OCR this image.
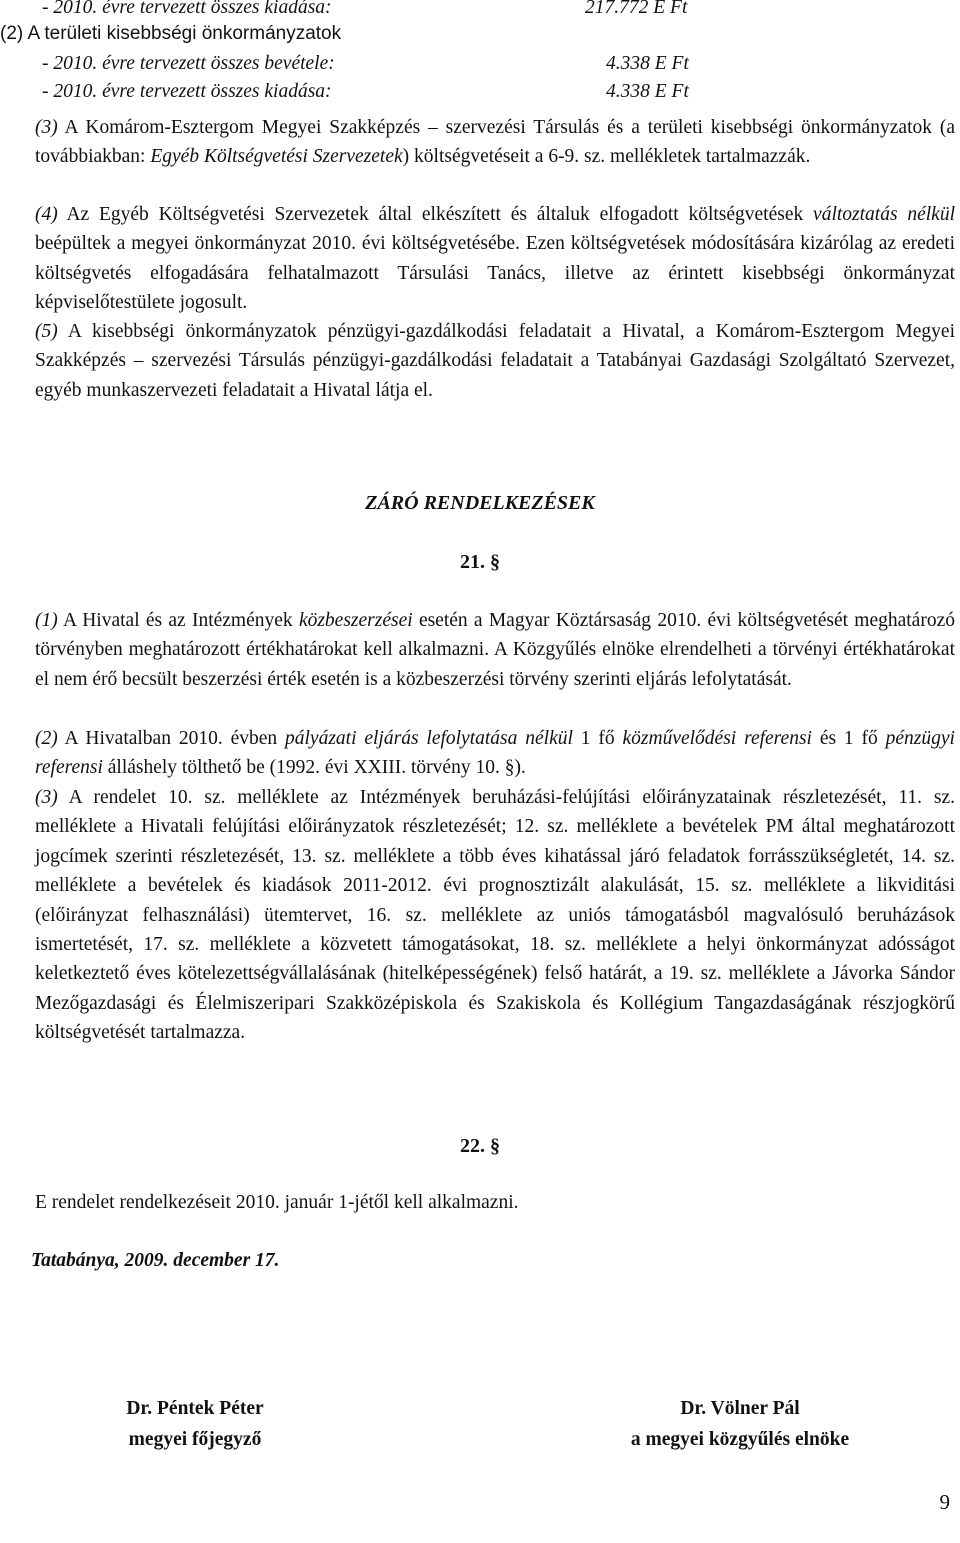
- 2010. évre tervezett összes kiadása:	217.772 E Ft
(2) A területi kisebbségi önkormányzatok
- 2010. évre tervezett összes bevétele:	4.338 E Ft
- 2010. évre tervezett összes kiadása:	4.338 E Ft

(3) A Komárom-Esztergom Megyei Szakképzés – szervezési Társulás és a területi kisebbségi önkormányzatok (a továbbiakban: Egyéb Költségvetési Szervezetek) költségvetéseit a 6-9. sz. mellékletek tartalmazzák.

(4) Az Egyéb Költségvetési Szervezetek által elkészített és általuk elfogadott költségvetések változtatás nélkül beépültek a megyei önkormányzat 2010. évi költségvetésébe. Ezen költségvetések módosítására kizárólag az eredeti költségvetés elfogadására felhatalmazott Társulási Tanács, illetve az érintett kisebbségi önkormányzat képviselőtestülete jogosult.

(5) A kisebbségi önkormányzatok pénzügyi-gazdálkodási feladatait a Hivatal, a Komárom-Esztergom Megyei Szakképzés – szervezési Társulás pénzügyi-gazdálkodási feladatait a Tatabányai Gazdasági Szolgáltató Szervezet, egyéb munkaszervezeti feladatait a Hivatal látja el.

ZÁRÓ RENDELKEZÉSEK
21. §

(1) A Hivatal és az Intézmények közbeszerzései esetén a Magyar Köztársaság 2010. évi költségvetését meghatározó törvényben meghatározott értékhatárokat kell alkalmazni. A Közgyűlés elnöke elrendelheti a törvényi értékhatárokat el nem érő becsült beszerzési érték esetén is a közbeszerzési törvény szerinti eljárás lefolytatását.

(2) A Hivatalban 2010. évben pályázati eljárás lefolytatása nélkül 1 fő közművelődési referensi és 1 fő pénzügyi referensi álláshely tölthető be (1992. évi XXIII. törvény 10. §).

(3) A rendelet 10. sz. melléklete az Intézmények beruházási-felújítási előirányzatainak részletezését, 11. sz. melléklete a Hivatali felújítási előirányzatok részletezését; 12. sz. melléklete a bevételek PM által meghatározott jogcímek szerinti részletezését, 13. sz. melléklete a több éves kihatással járó feladatok forrásszükségletét, 14. sz. melléklete a bevételek és kiadások 2011-2012. évi prognosztizált alakulását, 15. sz. melléklete a likviditási (előirányzat felhasználási) ütemtervet, 16. sz. melléklete az uniós támogatásból magvalósuló beruházások ismertetését, 17. sz. melléklete a közvetett támogatásokat, 18. sz. melléklete a helyi önkormányzat adósságot keletkeztető éves kötelezettségvállalásának (hitelképességének) felső határát, a 19. sz. melléklete a Jávorka Sándor Mezőgazdasági és Élelmiszeripari Szakközépiskola és Szakiskola és Kollégium Tangazdaságának részjogkörű költségvetését tartalmazza.

22. §
E rendelet rendelkezéseit 2010. január 1-jétől kell alkalmazni.
Tatabánya, 2009. december 17.
Dr. Péntek Péter
megyei főjegyző
Dr. Völner Pál
a megyei közgyűlés elnöke
9
